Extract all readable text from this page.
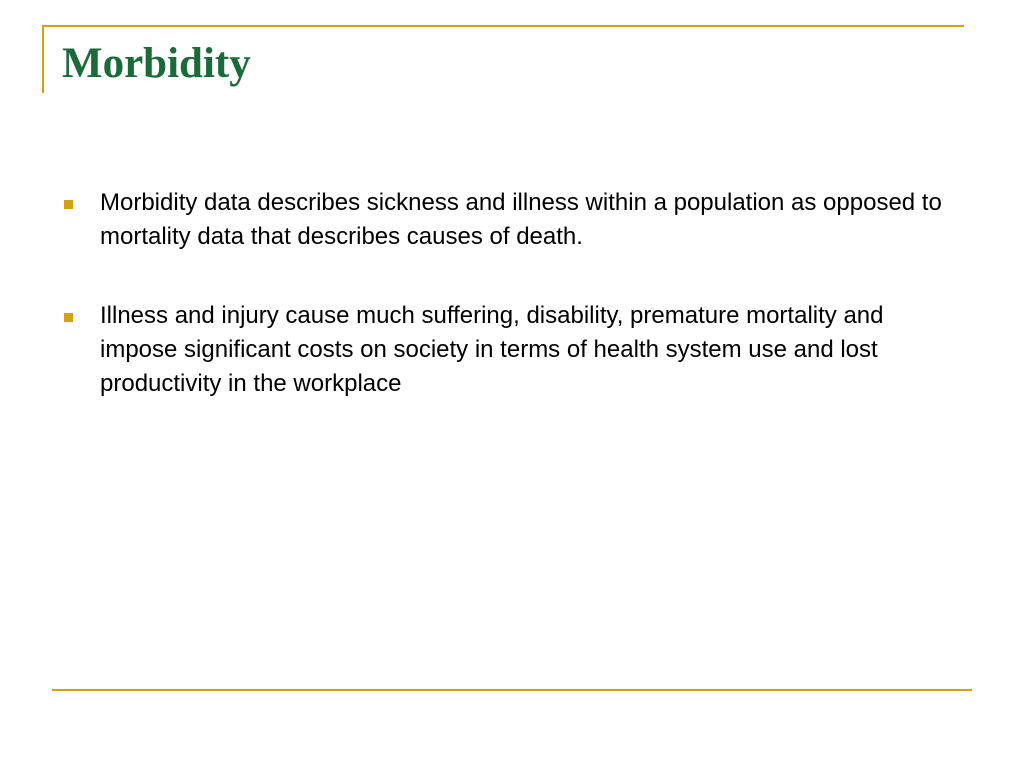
Morbidity
Morbidity data describes sickness and illness within a population as opposed to mortality data that describes causes of death.
Illness and injury cause much suffering, disability, premature mortality and impose significant costs on society in terms of health system use and lost productivity in the workplace
